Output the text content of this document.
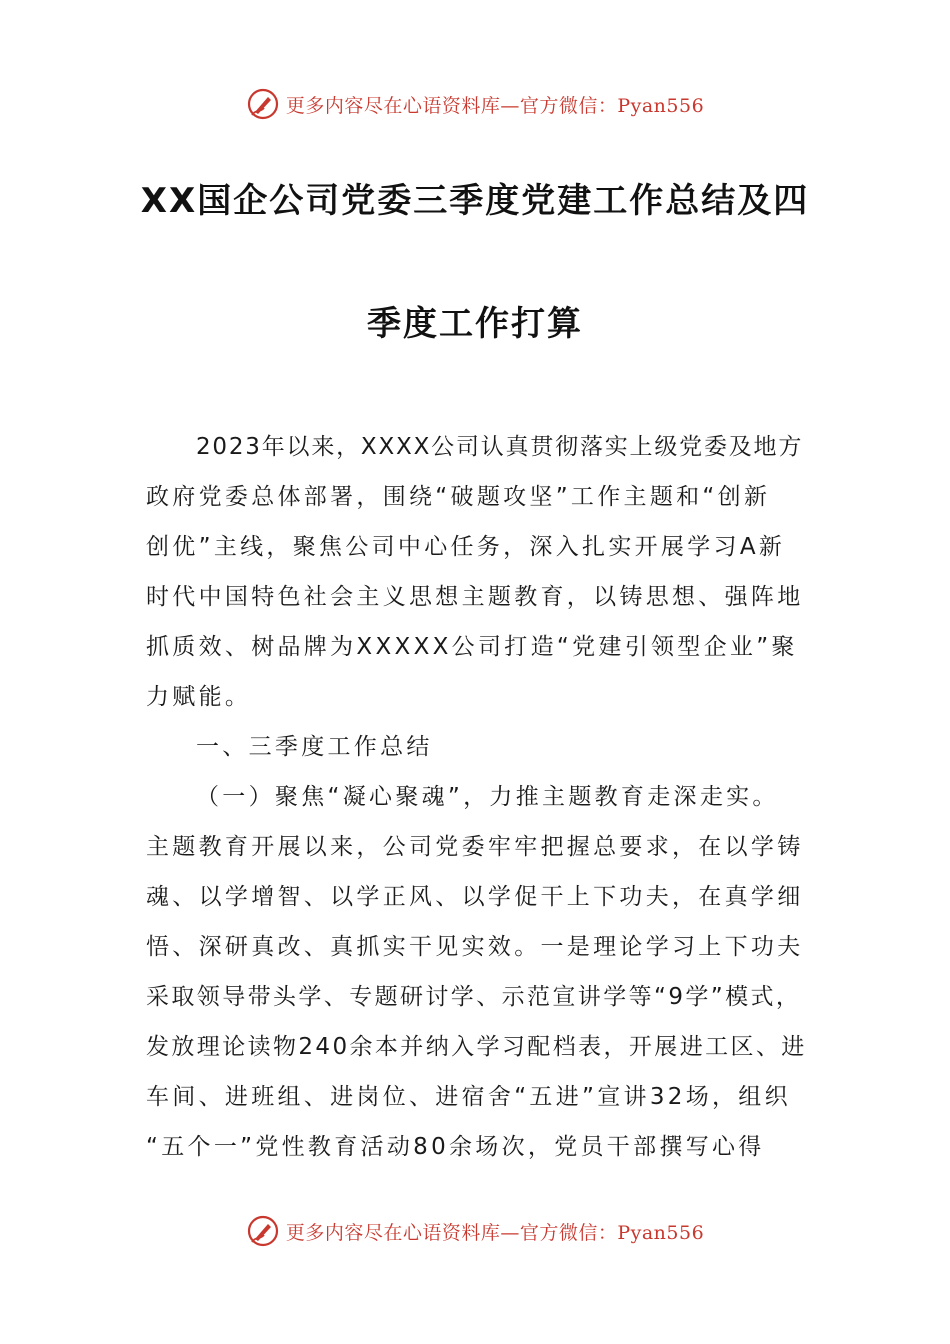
更多内容尽在心语资料库—官方微信：Pyan556
XX国企公司党委三季度党建工作总结及四
季度工作打算
2023年以来，XXXX公司认真贯彻落实上级党委及地方
政府党委总体部署，围绕“破题攻坚”工作主题和“创新
创优”主线，聚焦公司中心任务，深入扎实开展学习A新
时代中国特色社会主义思想主题教育，以铸思想、强阵地
抓质效、树品牌为XXXXX公司打造“党建引领型企业”聚
力赋能。
一、三季度工作总结
（一）聚焦“凝心聚魂”，力推主题教育走深走实。
主题教育开展以来，公司党委牢牢把握总要求，在以学铸
魂、以学增智、以学正风、以学促干上下功夫，在真学细
悟、深研真改、真抓实干见实效。一是理论学习上下功夫
采取领导带头学、专题研讨学、示范宣讲学等“9学”模式，
发放理论读物240余本并纳入学习配档表，开展进工区、进
车间、进班组、进岗位、进宿舍“五进”宣讲32场，组织
“五个一”党性教育活动80余场次，党员干部撰写心得
更多内容尽在心语资料库—官方微信：Pyan556
